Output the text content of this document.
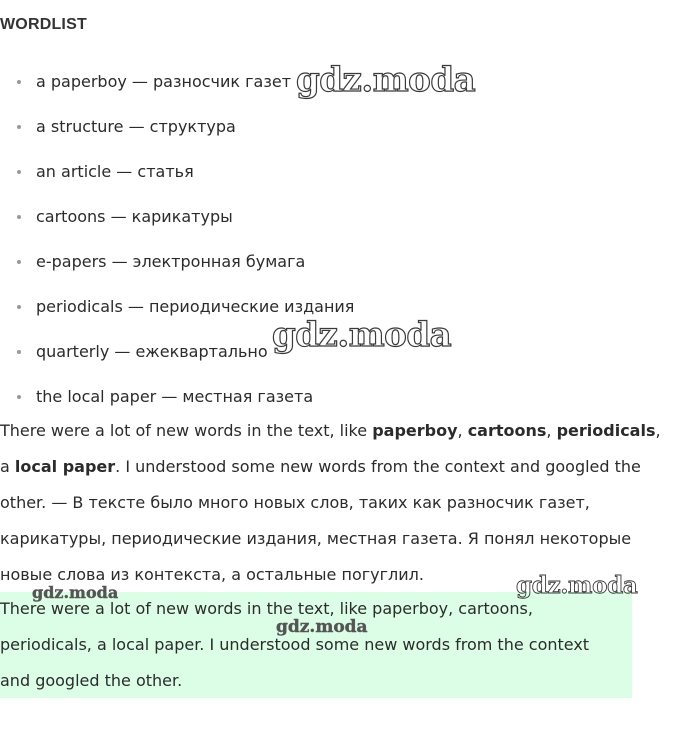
WORDLIST
a paperboy — разносчик газет
a structure — структура
an article — статья
cartoons — карикатуры
e-papers — электронная бумага
periodicals — периодические издания
quarterly — ежеквартально
the local paper — местная газета

There were a lot of new words in the text, like paperboy, cartoons, periodicals, a local paper. I understood some new words from the context and googled the other. — В тексте было много новых слов, таких как разносчик газет, карикатуры, периодические издания, местная газета. Я понял некоторые новые слова из контекста, а остальные погуглил.

There were a lot of new words in the text, like paperboy, cartoons, periodicals, a local paper. I understood some new words from the context and googled the other.

gdz.moda
gdz.moda
gdz.moda
gdz.moda
gdz.moda
